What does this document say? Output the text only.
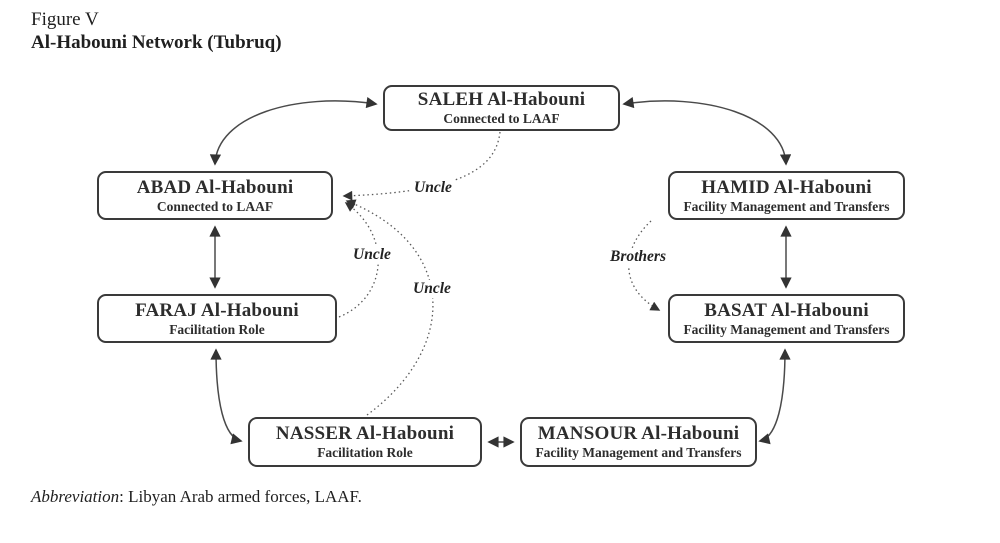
Figure V
Al-Habouni Network (Tubruq)
SALEH Al-Habouni
Connected to LAAF
ABAD Al-Habouni
Connected to LAAF
HAMID Al-Habouni
Facility Management and Transfers
FARAJ Al-Habouni
Facilitation Role
BASAT Al-Habouni
Facility Management and Transfers
NASSER Al-Habouni
Facilitation Role
MANSOUR Al-Habouni
Facility Management and Transfers
Uncle
Uncle
Uncle
Brothers
Abbreviation: Libyan Arab armed forces, LAAF.
